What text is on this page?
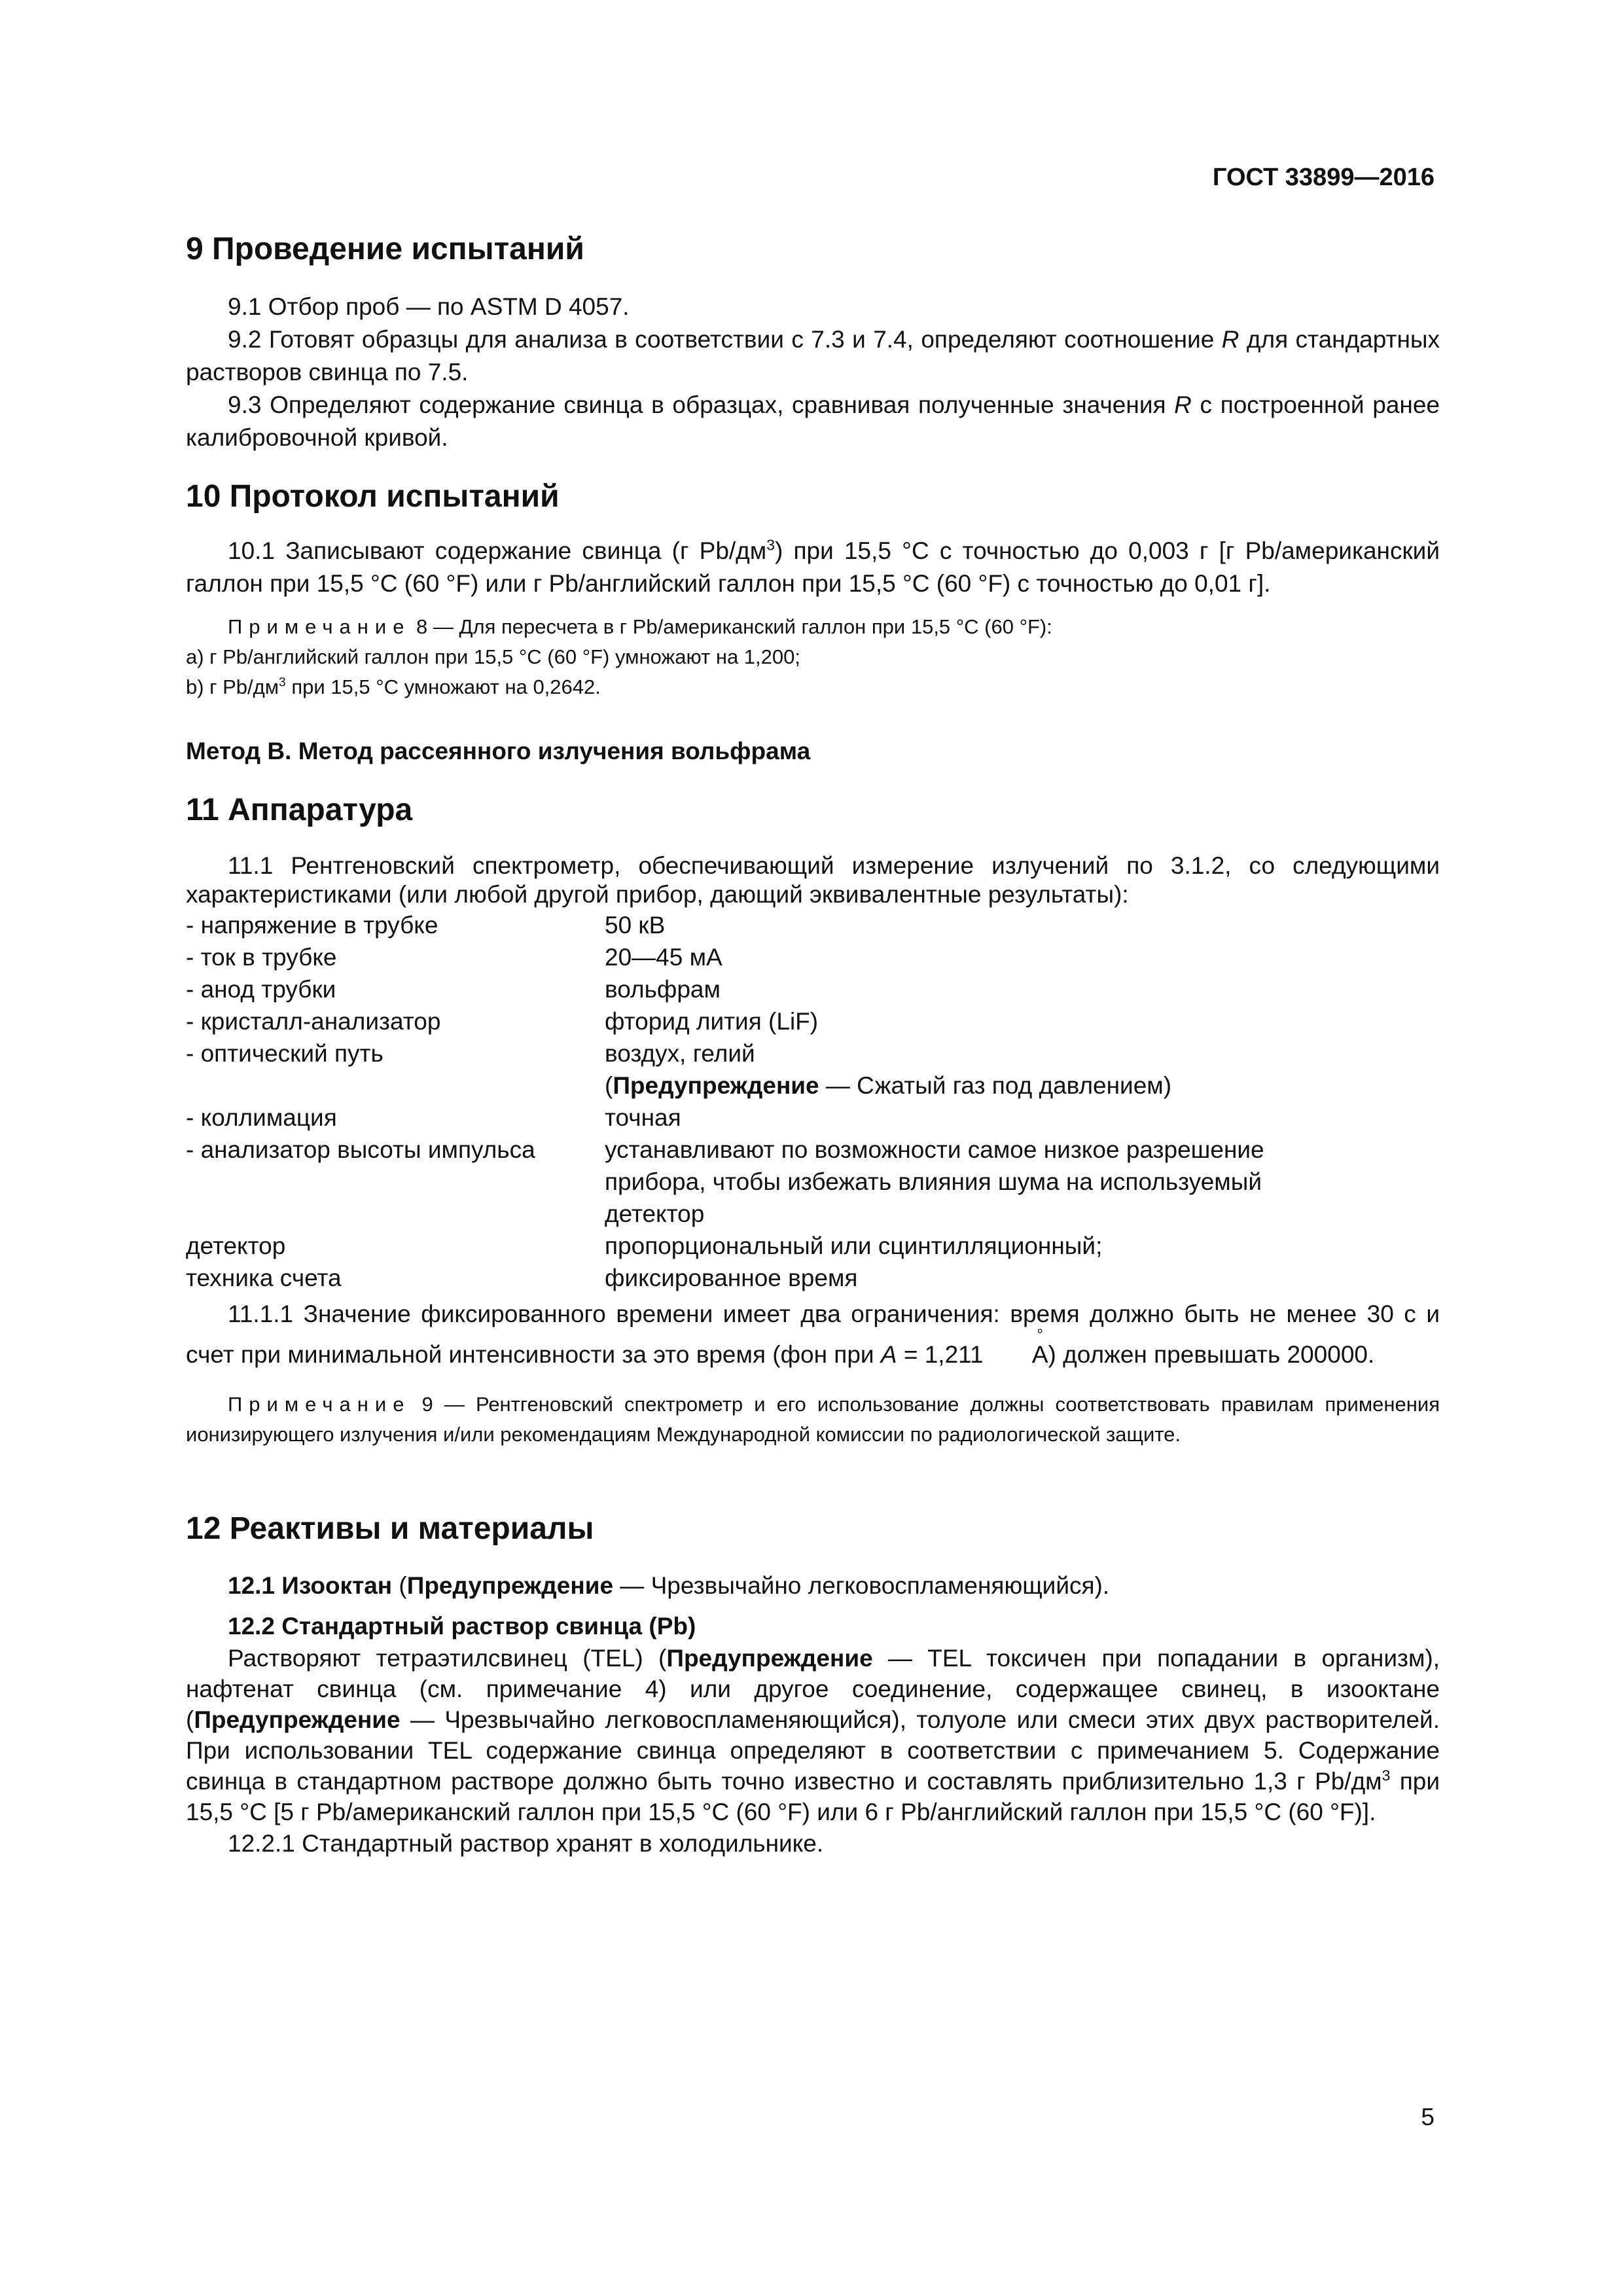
ГОСТ 33899—2016
9 Проведение испытаний

9.1 Отбор проб — по ASTM D 4057.

9.2 Готовят образцы для анализа в соответствии с 7.3 и 7.4, определяют соотношение R для стандартных растворов свинца по 7.5.

9.3 Определяют содержание свинца в образцах, сравнивая полученные значения R с построенной ранее калибровочной кривой.

10 Протокол испытаний

10.1 Записывают содержание свинца (г $Pb/дм^3$) при 15,5 °C с точностью до 0,003 г [г Pb/американский галлон при 15,5 °C (60 °F) или г Pb/английский галлон при 15,5 °C (60 °F) с точностью до 0,01 г].

Примечание 8 — Для пересчета в г Pb/американский галлон при 15,5 °C (60 °F):

a) г Pb/английский галлон при 15,5 °C (60 °F) умножают на 1,200;

b) г $Pb/дм^3$ при 15,5 °C умножают на 0,2642.

Метод В. Метод рассеянного излучения вольфрама

11 Аппаратура

11.1 Рентгеновский спектрометр, обеспечивающий измерение излучений по 3.1.2, со следующими характеристиками (или любой другой прибор, дающий эквивалентные результаты):

- напряжение в трубке	50 кВ
- ток в трубке	20—45 мА
- анод трубки	вольфрам
- кристалл-анализатор	фторид лития (LiF)
- оптический путь	воздух, гелий
(Предупреждение — Сжатый газ под давлением)
- коллимация	точная
- анализатор высоты импульса	устанавливают по возможности самое низкое разрешение прибора, чтобы избежать влияния шума на используемый детектор
детектор	пропорциональный или сцинтилляционный;
техника счета	фиксированное время

11.1.1 Значение фиксированного времени имеет два ограничения: время должно быть не менее 30 с и счет при минимальной интенсивности за это время (фон при A = 1,211
°
A) должен превышать 200000.

Примечание 9 — Рентгеновский спектрометр и его использование должны соответствовать правилам применения ионизирующего излучения и/или рекомендациям Международной комиссии по радиологической защите.

12 Реактивы и материалы

12.1 Изооктан (Предупреждение — Чрезвычайно легковоспламеняющийся).

12.2 Стандартный раствор свинца (Pb)

Растворяют тетраэтилсвинец (TEL) (Предупреждение — TEL токсичен при попадании в организм), нафтенат свинца (см. примечание 4) или другое соединение, содержащее свинец, в изооктане (Предупреждение — Чрезвычайно легковоспламеняющийся), толуоле или смеси этих двух растворителей. При использовании TEL содержание свинца определяют в соответствии с примечанием 5. Содержание свинца в стандартном растворе должно быть точно известно и составлять приблизительно 1,3 г $Pb/дм^3$ при 15,5 °C [5 г Pb/американский галлон при 15,5 °C (60 °F) или 6 г Pb/английский галлон при 15,5 °C (60 °F)].

12.2.1 Стандартный раствор хранят в холодильнике.

5
